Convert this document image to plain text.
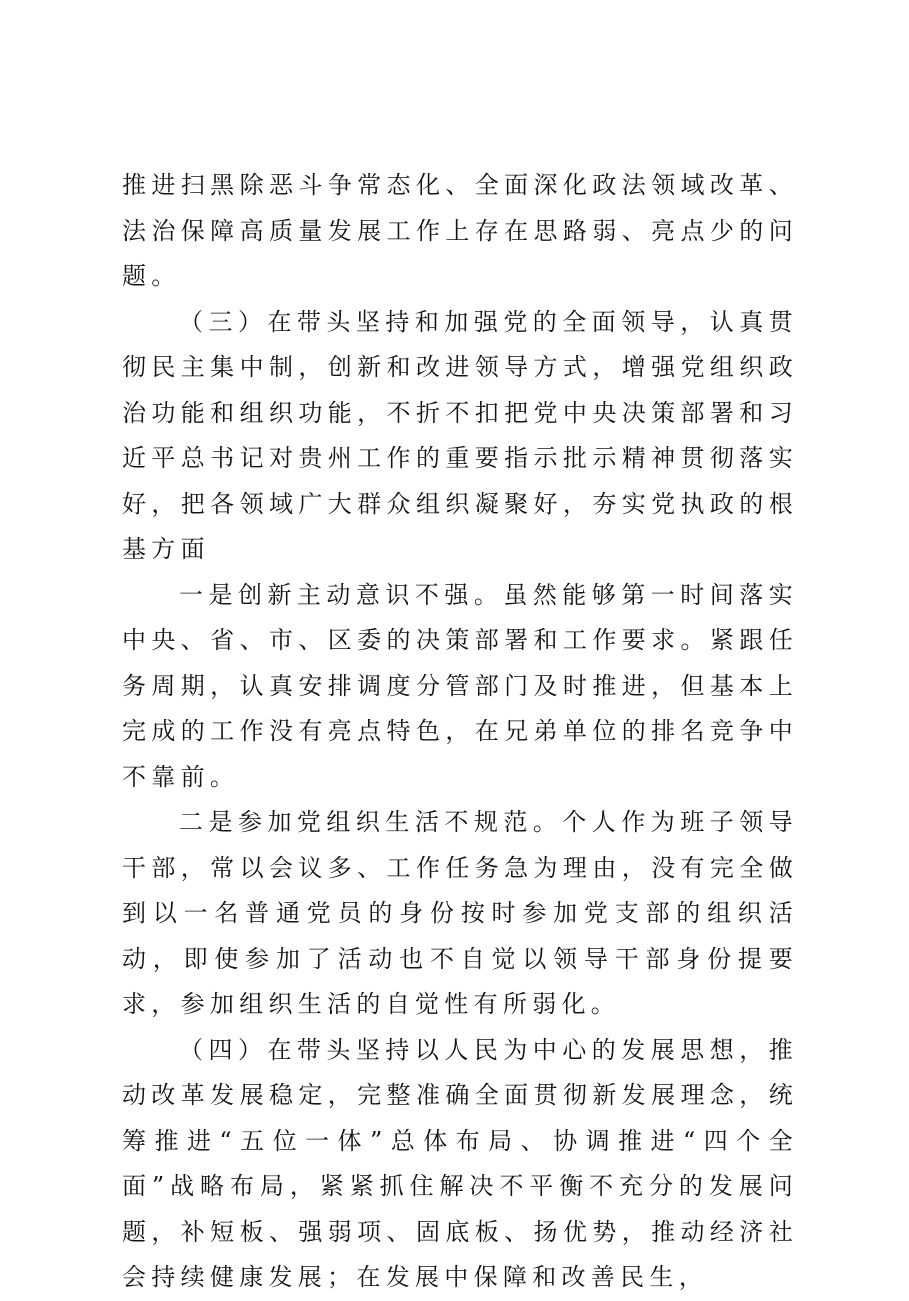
推进扫黑除恶斗争常态化、全面深化政法领域改革、法治保障高质量发展工作上存在思路弱、亮点少的问题。

（三）在带头坚持和加强党的全面领导，认真贯彻民主集中制，创新和改进领导方式，增强党组织政治功能和组织功能，不折不扣把党中央决策部署和习近平总书记对贵州工作的重要指示批示精神贯彻落实好，把各领域广大群众组织凝聚好，夯实党执政的根基方面

一是创新主动意识不强。虽然能够第一时间落实中央、省、市、区委的决策部署和工作要求。紧跟任务周期，认真安排调度分管部门及时推进，但基本上完成的工作没有亮点特色，在兄弟单位的排名竞争中不靠前。

二是参加党组织生活不规范。个人作为班子领导干部，常以会议多、工作任务急为理由，没有完全做到以一名普通党员的身份按时参加党支部的组织活动，即使参加了活动也不自觉以领导干部身份提要求，参加组织生活的自觉性有所弱化。

（四）在带头坚持以人民为中心的发展思想，推动改革发展稳定，完整准确全面贯彻新发展理念，统筹推进“五位一体”总体布局、协调推进“四个全面”战略布局，紧紧抓住解决不平衡不充分的发展问题，补短板、强弱项、固底板、扬优势，推动经济社会持续健康发展；在发展中保障和改善民生，
